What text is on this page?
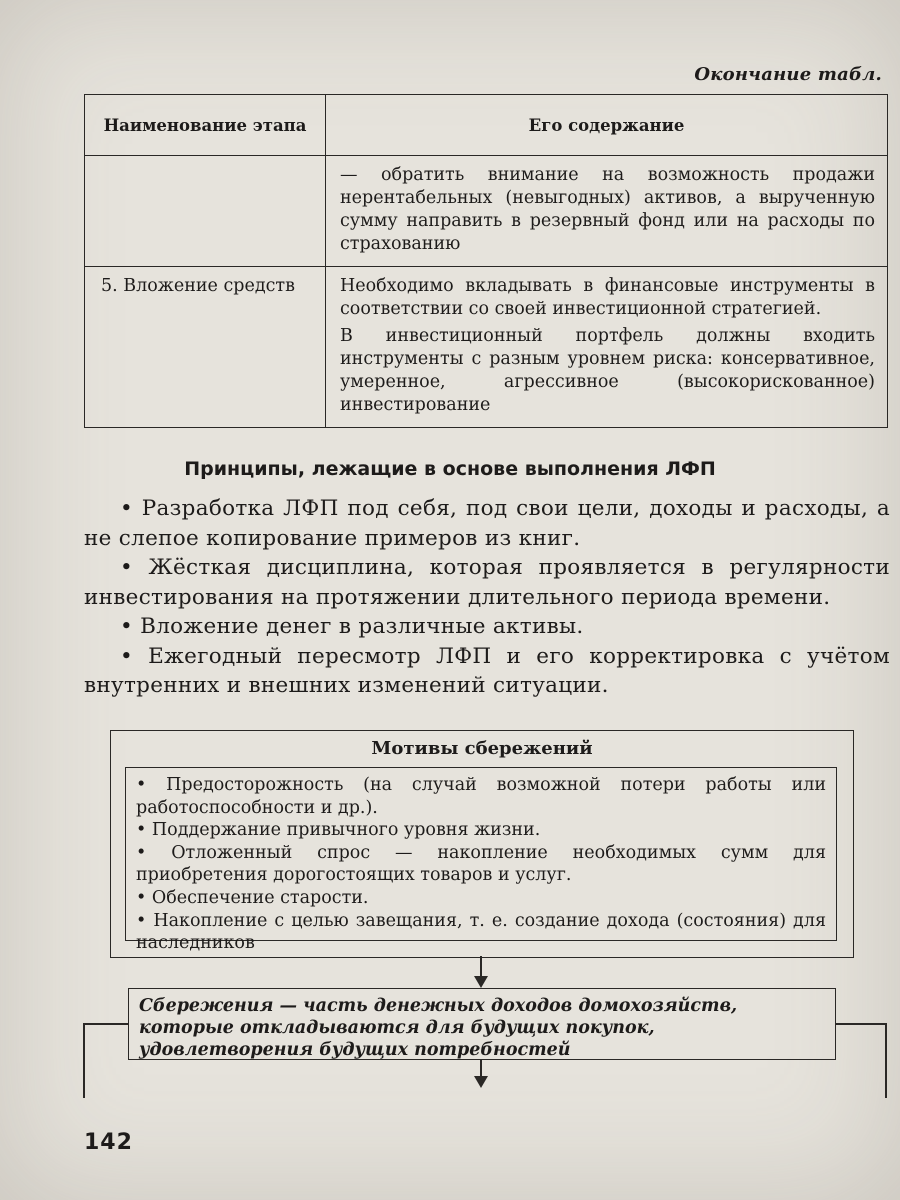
Окончание табл.
Наименование этапа	Его содержание

	— обратить внимание на возможность продажи нерентабельных (невыгодных) активов, а вырученную сумму направить в резервный фонд или на расходы по страхованию

5. Вложение средств	Необходимо вкладывать в финансовые инструменты в соответствии со своей инвестиционной стратегией.
В инвестиционный портфель должны входить инструменты с разным уровнем риска: консервативное, умеренное, агрессивное (высокорискованное) инвестирование
Принципы, лежащие в основе выполнения ЛФП
• Разработка ЛФП под себя, под свои цели, доходы и расходы, а не слепое копирование примеров из книг.
• Жёсткая дисциплина, которая проявляется в регулярности инвестирования на протяжении длительного периода времени.
• Вложение денег в различные активы.
• Ежегодный пересмотр ЛФП и его корректировка с учётом внутренних и внешних изменений ситуации.
Мотивы сбережений
• Предосторожность (на случай возможной потери работы или работоспособности и др.).
• Поддержание привычного уровня жизни.
• Отложенный спрос — накопление необходимых сумм для приобретения дорогостоящих товаров и услуг.
• Обеспечение старости.
• Накопление с целью завещания, т. е. создание дохода (состояния) для наследников
Сбережения — часть денежных доходов домохозяйств, которые откладываются для будущих покупок, удовлетворения будущих потребностей
142
